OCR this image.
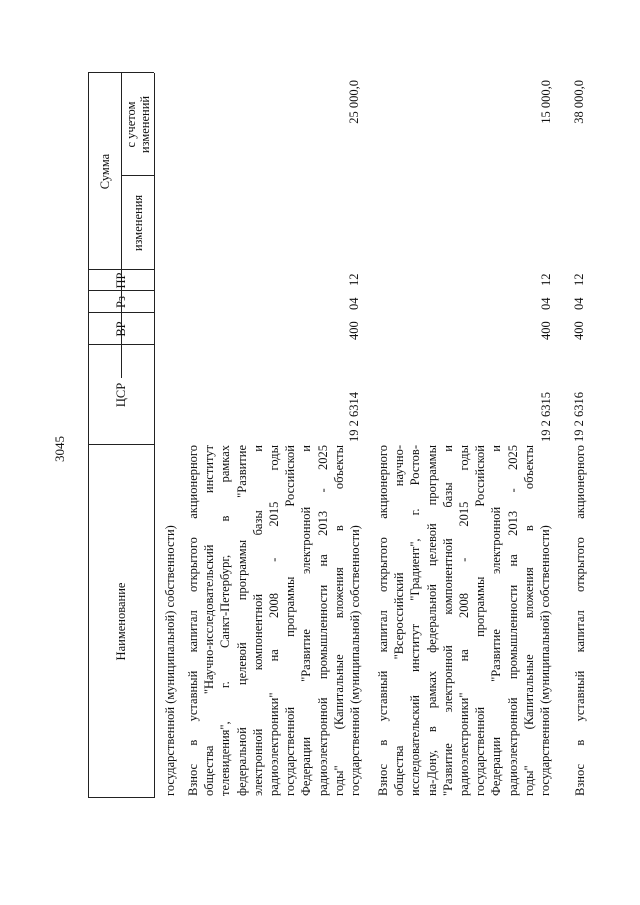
3045
Наименование
ЦСР
ВР
Рз
ПР
Сумма
изменения
с учетом изменений
государственной (муниципальной) собственности) Взнос в уставный капитал открытого акционерного общества "Научно-исследовательский институт телевидения", г. Санкт-Петербург, в рамках федеральной целевой программы "Развитие электронной компонентной базы и радиоэлектроники" на 2008 - 2015 годы государственной программы Российской Федерации "Развитие электронной и радиоэлектронной промышленности на 2013 - 2025 годы" (Капитальные вложения в объекты государственной (муниципальной) собственности)
19 2 6314
400
04
12
25 000,0
Взнос в уставный капитал открытого акционерного общества "Всероссийский научно- исследовательский институт "Градиент", г. Ростов- на-Дону, в рамках федеральной целевой программы "Развитие электронной компонентной базы и радиоэлектроники" на 2008 - 2015 годы государственной программы Российской Федерации "Развитие электронной и радиоэлектронной промышленности на 2013 - 2025 годы" (Капитальные вложения в объекты государственной (муниципальной) собственности)
19 2 6315
400
04
12
15 000,0
Взнос в уставный капитал открытого акционерного
19 2 6316
400
04
12
38 000,0
